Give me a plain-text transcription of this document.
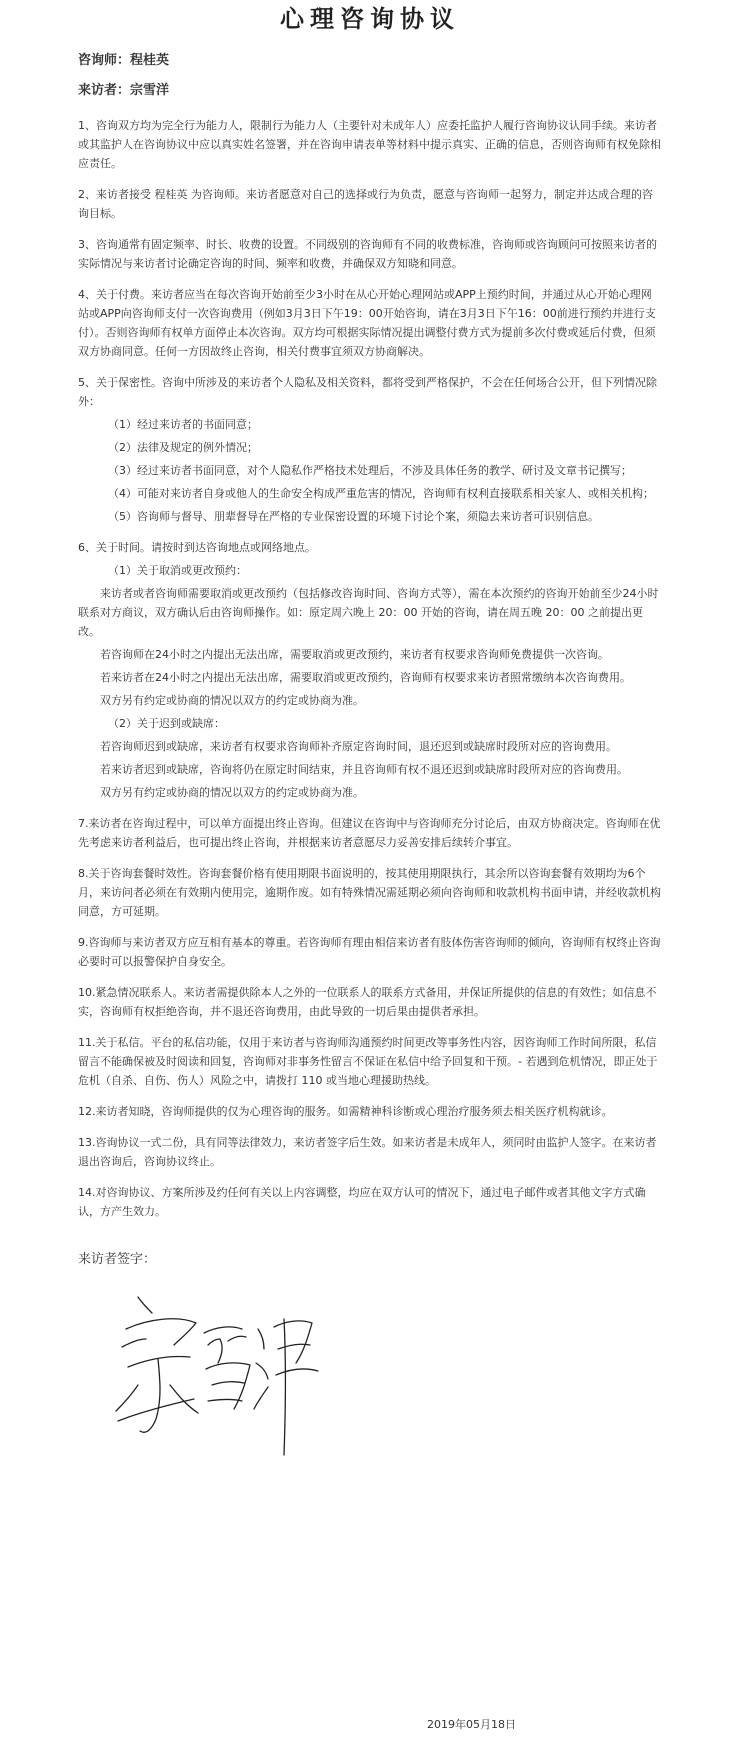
心理咨询协议
咨询师：程桂英
来访者：宗雪洋

1、咨询双方均为完全行为能力人，限制行为能力人（主要针对未成年人）应委托监护人履行咨询协议认同手续。来访者或其监护人在咨询协议中应以真实姓名签署，并在咨询申请表单等材料中提示真实、正确的信息，否则咨询师有权免除相应责任。

2、来访者接受 程桂英 为咨询师。来访者愿意对自己的选择或行为负责，愿意与咨询师一起努力，制定并达成合理的咨询目标。

3、咨询通常有固定频率、时长、收费的设置。不同级别的咨询师有不同的收费标准，咨询师或咨询顾问可按照来访者的实际情况与来访者讨论确定咨询的时间、频率和收费，并确保双方知晓和同意。

4、关于付费。来访者应当在每次咨询开始前至少3小时在从心开始心理网站或APP上预约时间，并通过从心开始心理网站或APP向咨询师支付一次咨询费用（例如3月3日下午19：00开始咨询，请在3月3日下午16：00前进行预约并进行支付）。否则咨询师有权单方面停止本次咨询。双方均可根据实际情况提出调整付费方式为提前多次付费或延后付费，但须双方协商同意。任何一方因故终止咨询，相关付费事宜须双方协商解决。

5、关于保密性。咨询中所涉及的来访者个人隐私及相关资料，都将受到严格保护，不会在任何场合公开，但下列情况除外：

（1）经过来访者的书面同意；

（2）法律及规定的例外情况；

（3）经过来访者书面同意，对个人隐私作严格技术处理后，不涉及具体任务的教学、研讨及文章书记撰写；

（4）可能对来访者自身或他人的生命安全构成严重危害的情况，咨询师有权利直接联系相关家人、或相关机构；

（5）咨询师与督导、朋辈督导在严格的专业保密设置的环境下讨论个案，须隐去来访者可识别信息。

6、关于时间。请按时到达咨询地点或网络地点。

（1）关于取消或更改预约：

来访者或者咨询师需要取消或更改预约（包括修改咨询时间、咨询方式等），需在本次预约的咨询开始前至少24小时联系对方商议，双方确认后由咨询师操作。如：原定周六晚上 20：00 开始的咨询，请在周五晚 20：00 之前提出更改。

若咨询师在24小时之内提出无法出席，需要取消或更改预约，来访者有权要求咨询师免费提供一次咨询。

若来访者在24小时之内提出无法出席，需要取消或更改预约，咨询师有权要求来访者照常缴纳本次咨询费用。

双方另有约定或协商的情况以双方的约定或协商为准。

（2）关于迟到或缺席：

若咨询师迟到或缺席，来访者有权要求咨询师补齐原定咨询时间，退还迟到或缺席时段所对应的咨询费用。

若来访者迟到或缺席，咨询将仍在原定时间结束，并且咨询师有权不退还迟到或缺席时段所对应的咨询费用。

双方另有约定或协商的情况以双方的约定或协商为准。

7.来访者在咨询过程中，可以单方面提出终止咨询。但建议在咨询中与咨询师充分讨论后，由双方协商决定。咨询师在优先考虑来访者利益后，也可提出终止咨询，并根据来访者意愿尽力妥善安排后续转介事宜。

8.关于咨询套餐时效性。咨询套餐价格有使用期限书面说明的，按其使用期限执行，其余所以咨询套餐有效期均为6个月，来访问者必须在有效期内使用完，逾期作废。如有特殊情况需延期必须向咨询师和收款机构书面申请，并经收款机构同意，方可延期。

9.咨询师与来访者双方应互相有基本的尊重。若咨询师有理由相信来访者有肢体伤害咨询师的倾向，咨询师有权终止咨询必要时可以报警保护自身安全。

10.紧急情况联系人。来访者需提供除本人之外的一位联系人的联系方式备用，并保证所提供的信息的有效性；如信息不实，咨询师有权拒绝咨询，并不退还咨询费用，由此导致的一切后果由提供者承担。

11.关于私信。平台的私信功能，仅用于来访者与咨询师沟通预约时间更改等事务性内容，因咨询师工作时间所限，私信留言不能确保被及时阅读和回复，咨询师对非事务性留言不保证在私信中给予回复和干预。- 若遇到危机情况，即正处于危机（自杀、自伤、伤人）风险之中，请拨打 110 或当地心理援助热线。

12.来访者知晓，咨询师提供的仅为心理咨询的服务。如需精神科诊断或心理治疗服务须去相关医疗机构就诊。

13.咨询协议一式二份，具有同等法律效力，来访者签字后生效。如来访者是未成年人，须同时由监护人签字。在来访者退出咨询后，咨询协议终止。

14.对咨询协议、方案所涉及约任何有关以上内容调整，均应在双方认可的情况下，通过电子邮件或者其他文字方式确认，方产生效力。

来访者签字：
2019年05月18日
